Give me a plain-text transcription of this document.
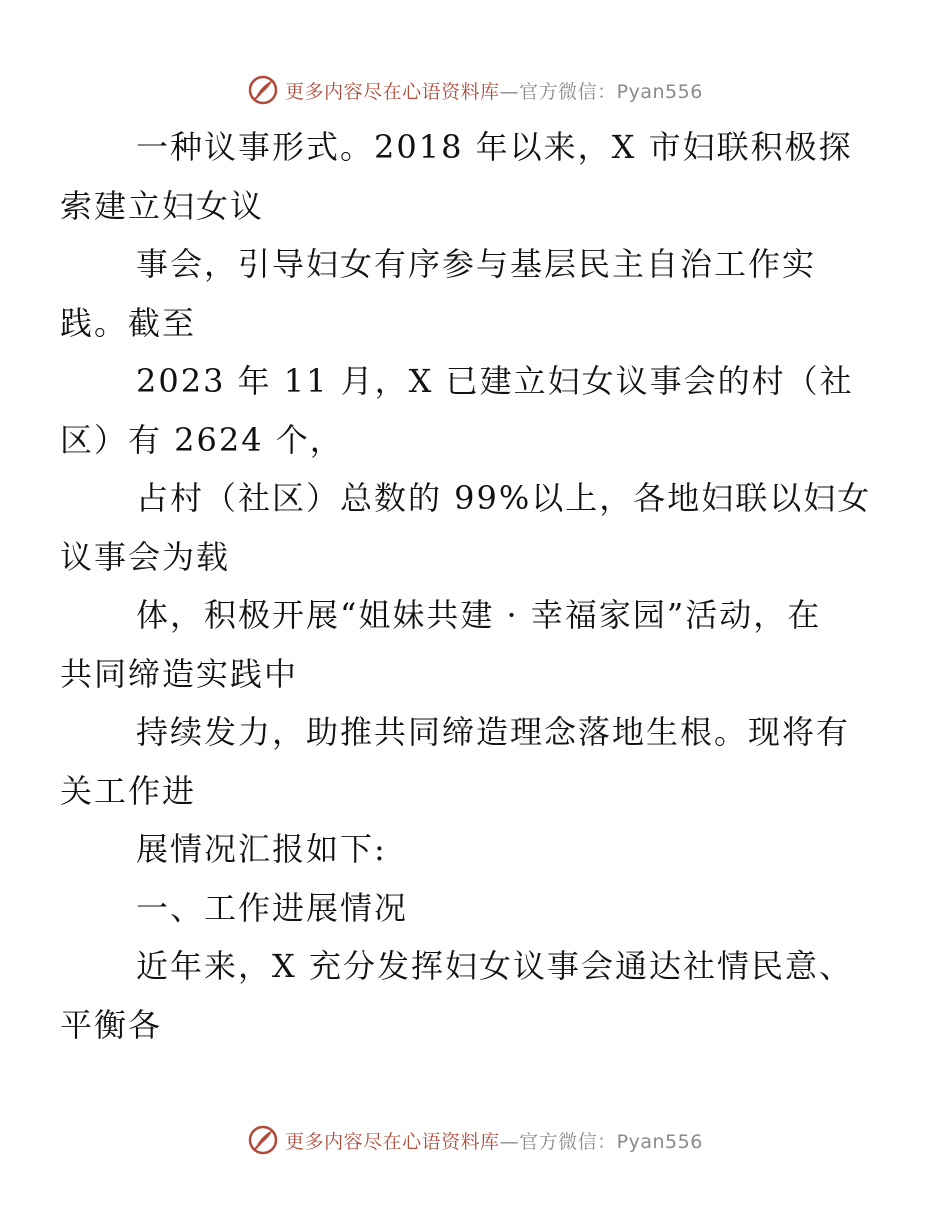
更多内容尽在心语资料库—官方微信：Pyan556

一种议事形式。2018 年以来，X 市妇联积极探
索建立妇女议

事会，引导妇女有序参与基层民主自治工作实
践。截至

2023 年 11 月，X 已建立妇女议事会的村（社
区）有 2624 个，

占村（社区）总数的 99%以上，各地妇联以妇女
议事会为载

体，积极开展“姐妹共建 · 幸福家园”活动，在
共同缔造实践中

持续发力，助推共同缔造理念落地生根。现将有
关工作进

展情况汇报如下:

一、工作进展情况

近年来，X 充分发挥妇女议事会通达社情民意、
平衡各

更多内容尽在心语资料库—官方微信：Pyan556
